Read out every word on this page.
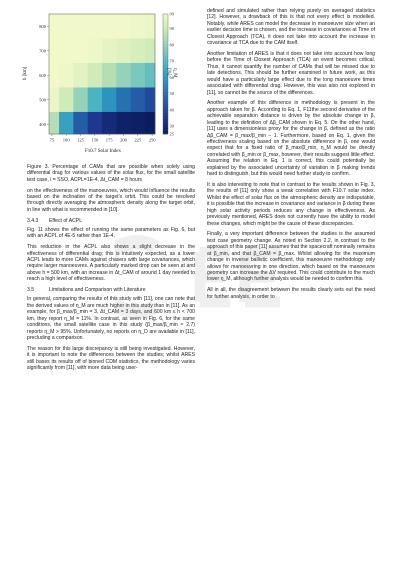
75 100 125 150 175 200 225 250
800
700
600
500
400
99
90
80
70
60
50
40
30
25
h [km]
F10.7 Solar Index
η_M [%]

Figure 3. Percentage of CAMs that are possible when solely using differential drag for various values of the solar flux, for the small satellite test case, i = SSO, ACPL=1E-4, Δt_CAM = 8 hours

on the effectiveness of the manoeuvres, which would influence the results based on the inclination of the target's orbit. This could be resolved through directly averaging the atmospheric density along the target orbit, in line with what is recommended in [10].

3.4.3 Effect of ACPL

Fig. 11 shows the effect of running the same parameters as Fig. 6, but with an ACPL of 4E-5 rather than 1E-4.

This reduction in the ACPL also shows a slight decrease in the effectiveness of differential drag; this is intuitively expected, as a lower ACPL leads to more CAMs against chasers with large covariances, which require larger manoeuvres. A particularly marked drop can be seen at and above h = 500 km, with an increase in Δt_CAM of around 1 day needed to reach a high level of effectiveness.

3.5	Limitations and Comparison with Literature

In general, comparing the results of this study with [11], one can note that the derived values of η_M are much higher in this study than in [11]. As an example, for β_max/β_min = 3, Δt_CAM = 3 days, and 600 km ≤ h < 700 km, they report η_M = 11%. In contrast, as seen in Fig. 6, for the same conditions, the small satellite case in this study (β_max/β_min ≈ 2.7) reports η_M > 95%. Unfortunately, no reports on η_D are available in [11], precluding a comparison.

The reason for this large discrepancy is still being investigated. However, it is important to note the differences between the studies; whilst ARES still bases its results off of binned CDM statistics, the methodology varies significantly from [11], with more data being user-

defined and simulated rather than relying purely on averaged statistics [12]. However, a drawback of this is that not every effect is modelled. Notably, while ARES can model the decrease in manoeuvre size when an earlier decision time is chosen, and the increase in covariances at Time of Closest Approach (TCA), it does not take into account the increase in covariance at TCA due to the CAM itself.

Another limitation of ARES is that it does not take into account how long before the Time of Closest Approach (TCA) an event becomes critical. Thus, it cannot quantify the number of CAMs that will be missed due to late detections. This should be further examined in future work, as this would have a particularly large effect due to the long manoeuvre times associated with differential drag. However, this was also not explored in [11], so cannot be the source of the differences.

Another example of this difference in methodology is present in the approach taken for β. According to Eq. 1, F11the second derivative of the achievable separation distance is driven by the absolute change in β, leading to the definition of Δβ_CAM shown in Eq. 5. On the other hand, [11] uses a dimensionless proxy for the change in β, defined as the ratio Δβ_CAM = β_max/β_min − 1. Furthermore, based on Eq. 1, given the effectiveness scaling based on the absolute difference in β, one would expect that for a fixed ratio of β_max/β_min, η_M would be directly correlated with β_min or β_max, however, their results suggest little effect. Assuming the relation in Eq. 1 is correct, this could potentially be explained by the associated uncertainty of variation in β making trends hard to distinguish, but this would need further study to confirm.

It is also interesting to note that in contrast to the results shown in Fig. 3, the results of [11] only show a weak correlation with F10.7 solar index. Whilst the effect of solar flux on the atmospheric density are indisputable, it is possible that the increase in covariance and variance in β during these high solar activity periods reduces any change in effectiveness. As previously mentioned, ARES does not currently have the ability to model these changes, which might be the cause of these discrepancies.

Finally, a very important difference between the studies is the assumed test case geometry change. As noted in Section 2.2, in contrast to the approach of this paper [11] assumes that the spacecraft nominally remains at β_min, and that β_CAM = β_max. Whilst allowing for the maximum change in inverse ballistic coefficient, this manoeuvre methodology only allows for manoeuvring in one direction, which based on the manoeuvre geometry can increase the ΔV required. This could contribute to the much lower η_M, although further analysis would be needed to confirm this.

All in all, the disagreement between the results clearly sets out the need for further analysis, in order to
